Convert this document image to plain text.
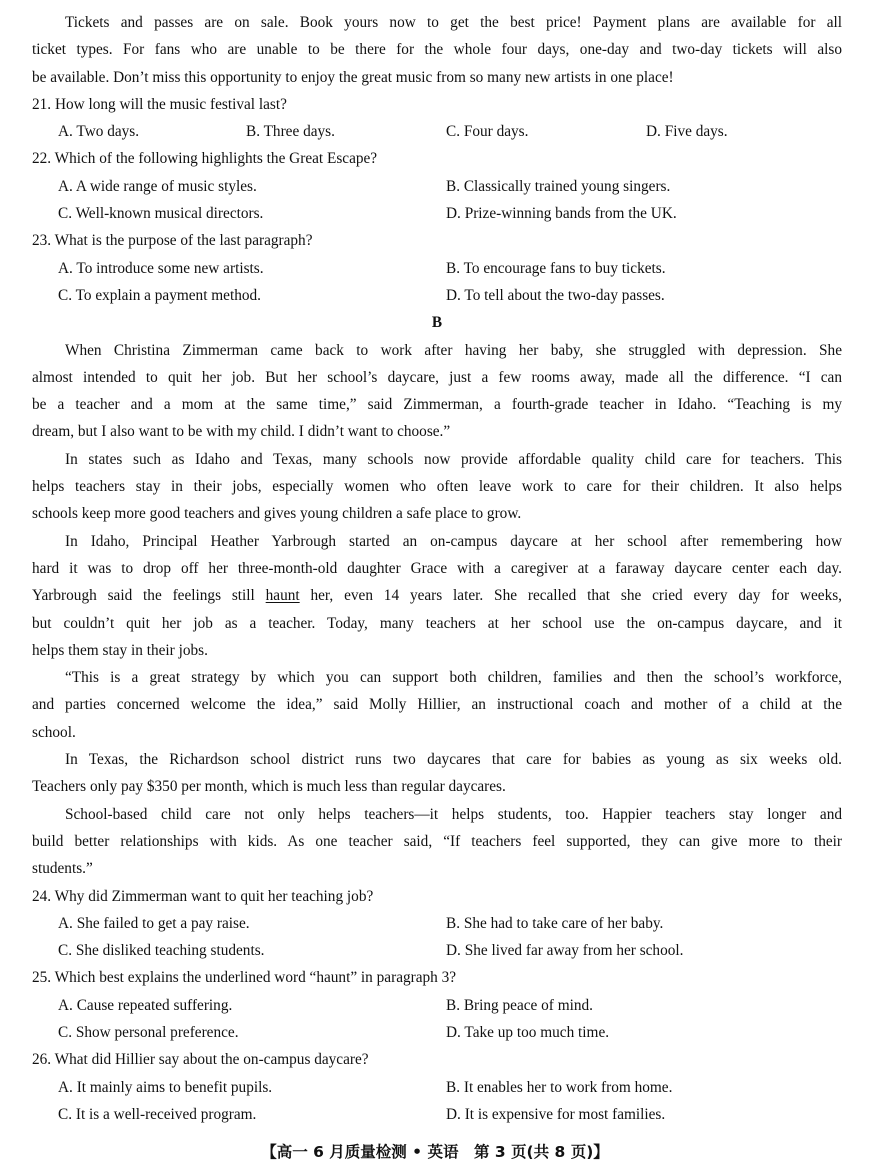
Tickets and passes are on sale. Book yours now to get the best price! Payment plans are available for all
ticket types. For fans who are unable to be there for the whole four days, one-day and two-day tickets will also
be available. Don’t miss this opportunity to enjoy the great music from so many new artists in one place!
21. How long will the music festival last?
A. Two days.	B. Three days.	C. Four days.	D. Five days.
22. Which of the following highlights the Great Escape?
A. A wide range of music styles.	B. Classically trained young singers.
C. Well-known musical directors.	D. Prize-winning bands from the UK.
23. What is the purpose of the last paragraph?
A. To introduce some new artists.	B. To encourage fans to buy tickets.
C. To explain a payment method.	D. To tell about the two-day passes.
B
When Christina Zimmerman came back to work after having her baby, she struggled with depression. She
almost intended to quit her job. But her school’s daycare, just a few rooms away, made all the difference. “I can
be a teacher and a mom at the same time,” said Zimmerman, a fourth-grade teacher in Idaho. “Teaching is my
dream, but I also want to be with my child. I didn’t want to choose.”
In states such as Idaho and Texas, many schools now provide affordable quality child care for teachers. This
helps teachers stay in their jobs, especially women who often leave work to care for their children. It also helps
schools keep more good teachers and gives young children a safe place to grow.
In Idaho, Principal Heather Yarbrough started an on-campus daycare at her school after remembering how
hard it was to drop off her three-month-old daughter Grace with a caregiver at a faraway daycare center each day.
Yarbrough said the feelings still haunt her, even 14 years later. She recalled that she cried every day for weeks,
but couldn’t quit her job as a teacher. Today, many teachers at her school use the on-campus daycare, and it
helps them stay in their jobs.
“This is a great strategy by which you can support both children, families and then the school’s workforce,
and parties concerned welcome the idea,” said Molly Hillier, an instructional coach and mother of a child at the
school.
In Texas, the Richardson school district runs two daycares that care for babies as young as six weeks old.
Teachers only pay $350 per month, which is much less than regular daycares.
School-based child care not only helps teachers—it helps students, too. Happier teachers stay longer and
build better relationships with kids. As one teacher said, “If teachers feel supported, they can give more to their
students.”
24. Why did Zimmerman want to quit her teaching job?
A. She failed to get a pay raise.	B. She had to take care of her baby.
C. She disliked teaching students.	D. She lived far away from her school.
25. Which best explains the underlined word “haunt” in paragraph 3?
A. Cause repeated suffering.	B. Bring peace of mind.
C. Show personal preference.	D. Take up too much time.
26. What did Hillier say about the on-campus daycare?
A. It mainly aims to benefit pupils.	B. It enables her to work from home.
C. It is a well-received program.	D. It is expensive for most families.
【高一 6 月质量检测 • 英语　第 3 页(共 8 页)】
